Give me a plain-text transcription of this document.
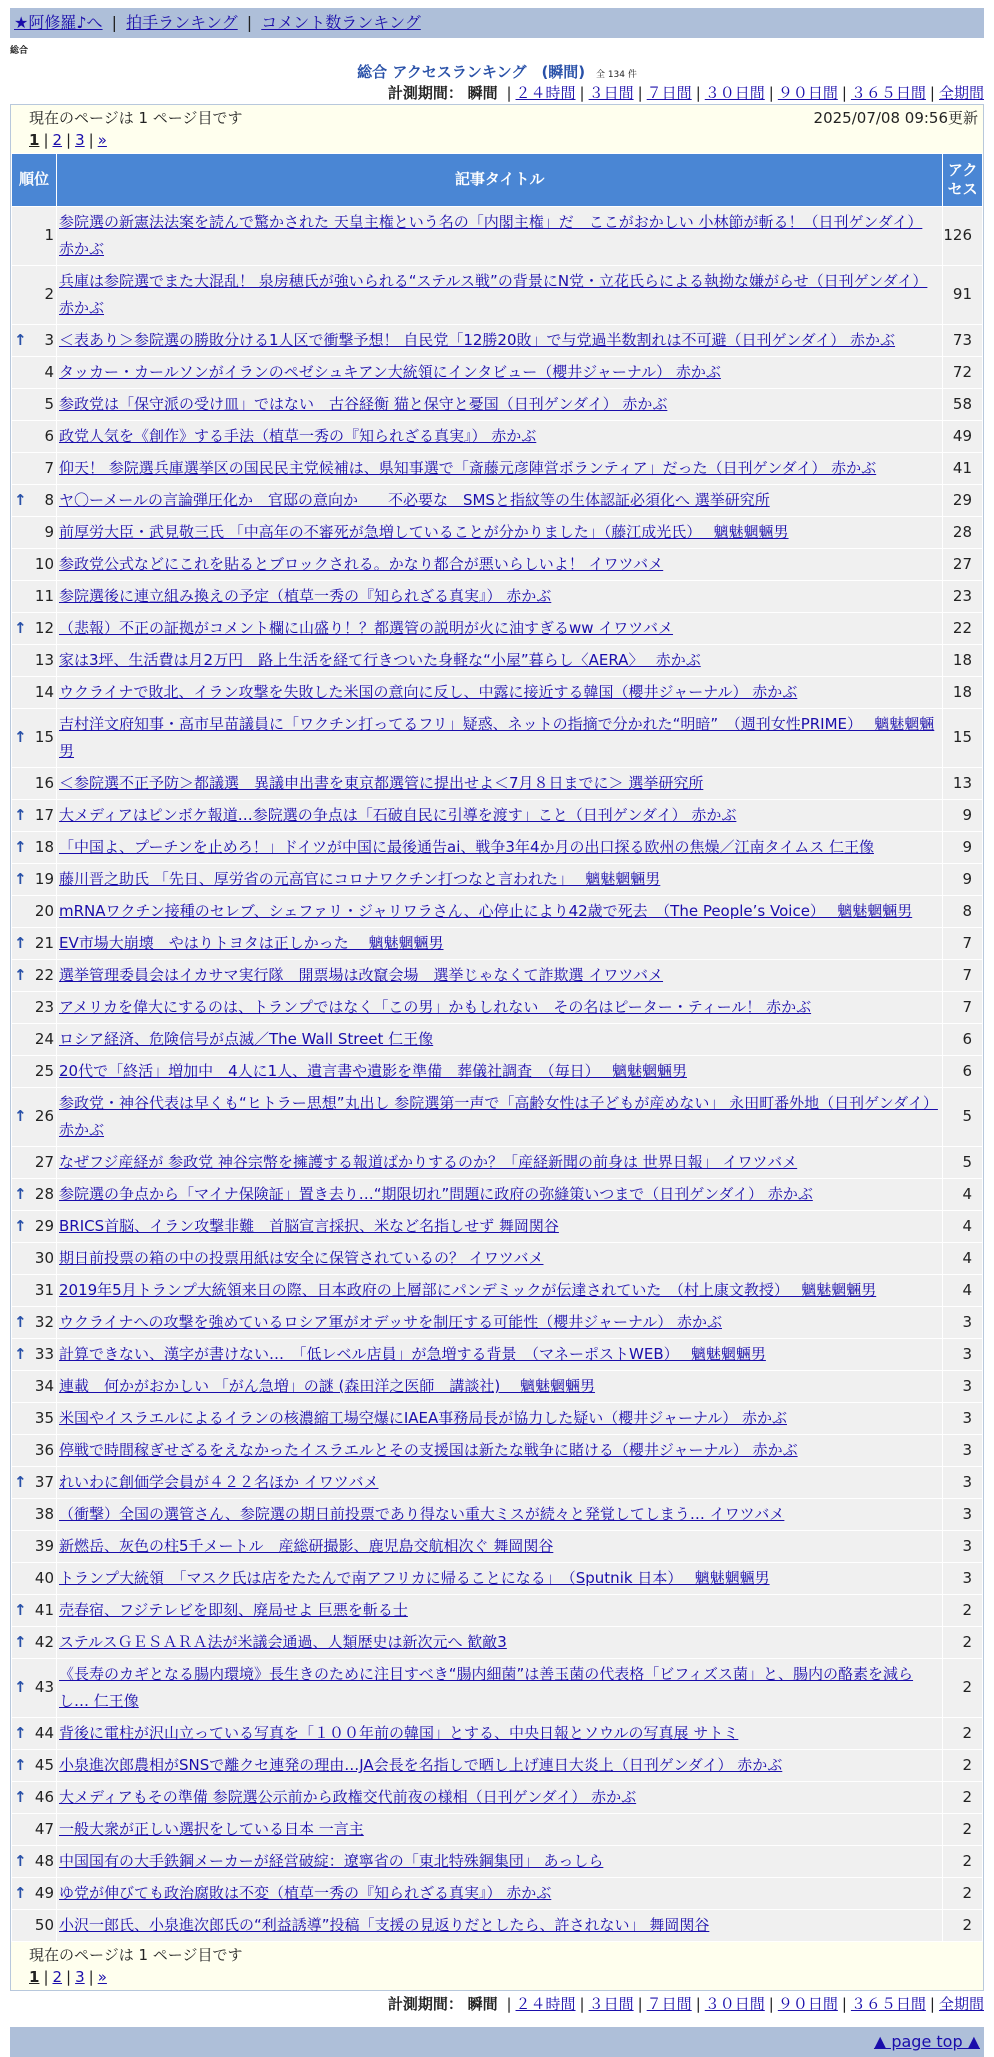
★阿修羅♪へ | 拍手ランキング | コメント数ランキング
総合
総合 アクセスランキング　(瞬間) 全 134 件
計測期間： 瞬間 | ２４時間 | ３日間 | ７日間 | ３０日間 | ９０日間 | ３６５日間 | 全期間
現在のページは 1 ページ目です	2025/07/08 09:56更新
1 | 2 | 3 | »
順位	記事タイトル	アクセス
1	参院選の新憲法法案を読んで驚かされた 天皇主権という名の「内閣主権」だ　ここがおかしい 小林節が斬る！（日刊ゲンダイ） 赤かぶ	126
2	兵庫は参院選でまた大混乱！ 泉房穂氏が強いられる“ステルス戦”の背景にN党・立花氏らによる執拗な嫌がらせ（日刊ゲンダイ） 赤かぶ	91

↑ 3	＜表あり＞参院選の勝敗分ける1人区で衝撃予想！ 自民党「12勝20敗」で与党過半数割れは不可避（日刊ゲンダイ） 赤かぶ	73
4	タッカー・カールソンがイランのペゼシュキアン大統領にインタビュー（櫻井ジャーナル） 赤かぶ	72
5	参政党は「保守派の受け皿」ではない　古谷経衡 猫と保守と憂国（日刊ゲンダイ） 赤かぶ	58
6	政党人気を《創作》する手法（植草一秀の『知られざる真実』） 赤かぶ	49
7	仰天！ 参院選兵庫選挙区の国民民主党候補は、県知事選で「斎藤元彦陣営ボランティア」だった（日刊ゲンダイ） 赤かぶ	41

↑ 8	ヤ〇ーメールの言論弾圧化か　官邸の意向か　　不必要な　SMSと指紋等の生体認証必須化へ 選挙研究所	29
9	前厚労大臣・武見敬三氏 「中高年の不審死が急増していることが分かりました」（藤江成光氏）　 魑魅魍魎男	28
10	参政党公式などにこれを貼るとブロックされる。かなり都合が悪いらしいよ！ イワツバメ	27
11	参院選後に連立組み換えの予定（植草一秀の『知られざる真実』） 赤かぶ	23

↑ 12	（悲報）不正の証拠がコメント欄に山盛り！？都選管の説明が火に油すぎるww イワツバメ	22
13	家は3坪、生活費は月2万円　路上生活を経て行きついた身軽な“小屋”暮らし〈AERA〉　 赤かぶ	18
14	ウクライナで敗北、イラン攻撃を失敗した米国の意向に反し、中露に接近する韓国（櫻井ジャーナル） 赤かぶ	18

↑ 15	吉村洋文府知事・高市早苗議員に「ワクチン打ってるフリ」疑惑、ネットの指摘で分かれた“明暗”　（週刊女性PRIME）　 魑魅魍魎男	15
16	＜参院選不正予防＞都議選　異議申出書を東京都選管に提出せよ＜7月８日までに＞ 選挙研究所	13

↑ 17	大メディアはピンボケ報道…参院選の争点は「石破自民に引導を渡す」こと（日刊ゲンダイ） 赤かぶ	9

↑ 18	「中国よ、プーチンを止めろ！」ドイツが中国に最後通告ai、戦争3年4か月の出口探る欧州の焦燥／江南タイムス 仁王像	9

↑ 19	藤川晋之助氏 「先日、厚労省の元高官にコロナワクチン打つなと言われた」　 魑魅魍魎男	9
20	mRNAワクチン接種のセレブ、シェファリ・ジャリワラさん、心停止により42歳で死去　（The People’s Voice）　 魑魅魍魎男	8

↑ 21	EV市場大崩壊　やはりトヨタは正しかった　 魑魅魍魎男	7

↑ 22	選挙管理委員会はイカサマ実行隊　開票場は改竄会場　選挙じゃなくて詐欺選 イワツバメ	7
23	アメリカを偉大にするのは、トランプではなく「この男」かもしれない　その名はピーター・ティール！ 赤かぶ	7
24	ロシア経済、危険信号が点滅／The Wall Street 仁王像	6
25	20代で「終活」増加中　4人に1人、遺言書や遺影を準備　葬儀社調査　（毎日）　 魑魅魍魎男	6

↑ 26	参政党・神谷代表は早くも“ヒトラー思想”丸出し 参院選第一声で「高齢女性は子どもが産めない」 永田町番外地（日刊ゲンダイ） 赤かぶ	5
27	なぜフジ産経が 参政党 神谷宗幣を擁護する報道ばかりするのか？「産経新聞の前身は 世界日報」 イワツバメ	5

↑ 28	参院選の争点から「マイナ保険証」置き去り…“期限切れ”問題に政府の弥縫策いつまで（日刊ゲンダイ） 赤かぶ	4

↑ 29	BRICS首脳、イラン攻撃非難　首脳宣言採択、米など名指しせず 舞岡関谷	4
30	期日前投票の箱の中の投票用紙は安全に保管されているの？ イワツバメ	4
31	2019年5月トランプ大統領来日の際、日本政府の上層部にパンデミックが伝達されていた　（村上康文教授）　 魑魅魍魎男	4

↑ 32	ウクライナへの攻撃を強めているロシア軍がオデッサを制圧する可能性（櫻井ジャーナル） 赤かぶ	3

↑ 33	計算できない、漢字が書けない…　「低レベル店員」が急増する背景　（マネーポストWEB）　 魑魅魍魎男	3
34	連載　何かがおかしい 「がん急増」の謎 (森田洋之医師　講談社)　 魑魅魍魎男	3
35	米国やイスラエルによるイランの核濃縮工場空爆にIAEA事務局長が協力した疑い（櫻井ジャーナル） 赤かぶ	3
36	停戦で時間稼ぎせざるをえなかったイスラエルとその支援国は新たな戦争に賭ける（櫻井ジャーナル） 赤かぶ	3

↑ 37	れいわに創価学会員が４２２名ほか イワツバメ	3
38	（衝撃）全国の選管さん、参院選の期日前投票であり得ない重大ミスが続々と発覚してしまう… イワツバメ	3
39	新燃岳、灰色の柱5千メートル　産総研撮影、鹿児島交航相次ぐ 舞岡関谷	3
40	トランプ大統領　「マスク氏は店をたたんで南アフリカに帰ることになる」　（Sputnik 日本）　 魑魅魍魎男	3

↑ 41	売春宿、フジテレビを即刻、廃局せよ 巨悪を斬る士	2

↑ 42	ステルスＧＥＳＡＲＡ法が米議会通過、人類歴史は新次元へ 歓敵3	2

↑ 43	《長寿のカギとなる腸内環境》長生きのために注目すべき“腸内細菌”は善玉菌の代表格「ビフィズス菌」と、腸内の酪素を減らし… 仁王像	2

↑ 44	背後に電柱が沢山立っている写真を「１００年前の韓国」とする、中央日報とソウルの写真展 サトミ	2

↑ 45	小泉進次郎農相がSNSで離クセ連発の理由…JA会長を名指しで晒し上げ連日大炎上（日刊ゲンダイ） 赤かぶ	2

↑ 46	大メディアもその準備 参院選公示前から政権交代前夜の様相（日刊ゲンダイ） 赤かぶ	2
47	一般大衆が正しい選択をしている日本 一言主	2

↑ 48	中国国有の大手鉄鋼メーカーが経営破綻：遼寧省の「東北特殊鋼集団」 あっしら	2

↑ 49	ゆ党が伸びても政治腐敗は不変（植草一秀の『知られざる真実』） 赤かぶ	2
50	小沢一郎氏、小泉進次郎氏の“利益誘導”投稿「支援の見返りだとしたら、許されない」 舞岡関谷	2
現在のページは 1 ページ目です
1 | 2 | 3 | »
計測期間： 瞬間 | ２４時間 | ３日間 | ７日間 | ３０日間 | ９０日間 | ３６５日間 | 全期間
▲ page top ▲
